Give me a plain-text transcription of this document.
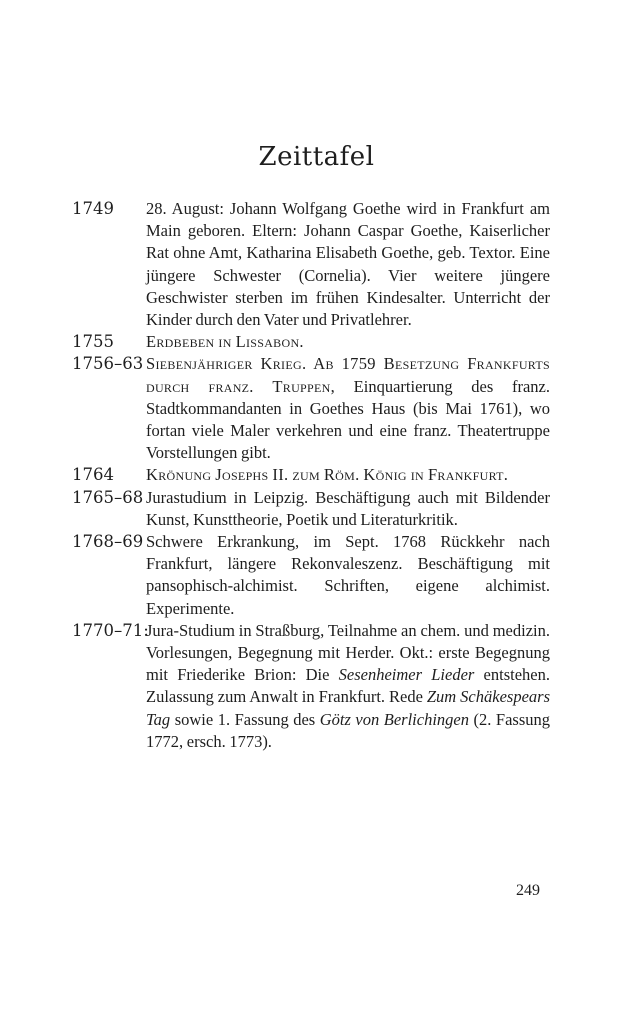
Zeittafel
1749 28. August: Johann Wolfgang Goethe wird in Frankfurt am Main geboren. Eltern: Johann Caspar Goethe, Kaiserlicher Rat ohne Amt, Katharina Elisabeth Goethe, geb. Textor. Eine jüngere Schwester (Cornelia). Vier weitere jüngere Geschwister sterben im frühen Kindesalter. Unterricht der Kinder durch den Vater und Privatlehrer.
1755 Erdbeben in Lissabon.
1756–63 Siebenjähriger Krieg. Ab 1759 Besetzung Frankfurts durch franz. Truppen, Einquartierung des franz. Stadtkommandanten in Goethes Haus (bis Mai 1761), wo fortan viele Maler verkehren und eine franz. Theatertruppe Vorstellungen gibt.
1764 Krönung Josephs II. zum Röm. König in Frankfurt.
1765–68 Jurastudium in Leipzig. Beschäftigung auch mit Bildender Kunst, Kunsttheorie, Poetik und Literaturkritik.
1768–69 Schwere Erkrankung, im Sept. 1768 Rückkehr nach Frankfurt, längere Rekonvaleszenz. Beschäftigung mit pansophisch-alchimist. Schriften, eigene alchimist. Experimente.
1770–71:
Jura-Studium in Straßburg, Teilnahme an chem. und medizin. Vorlesungen, Begegnung mit Herder. Okt.: erste Begegnung mit Friederike Brion: Die Sesenheimer Lieder entstehen. Zulassung zum Anwalt in Frankfurt. Rede Zum Schäkespears Tag sowie 1. Fassung des Götz von Berlichingen (2. Fassung 1772, ersch. 1773).
249
